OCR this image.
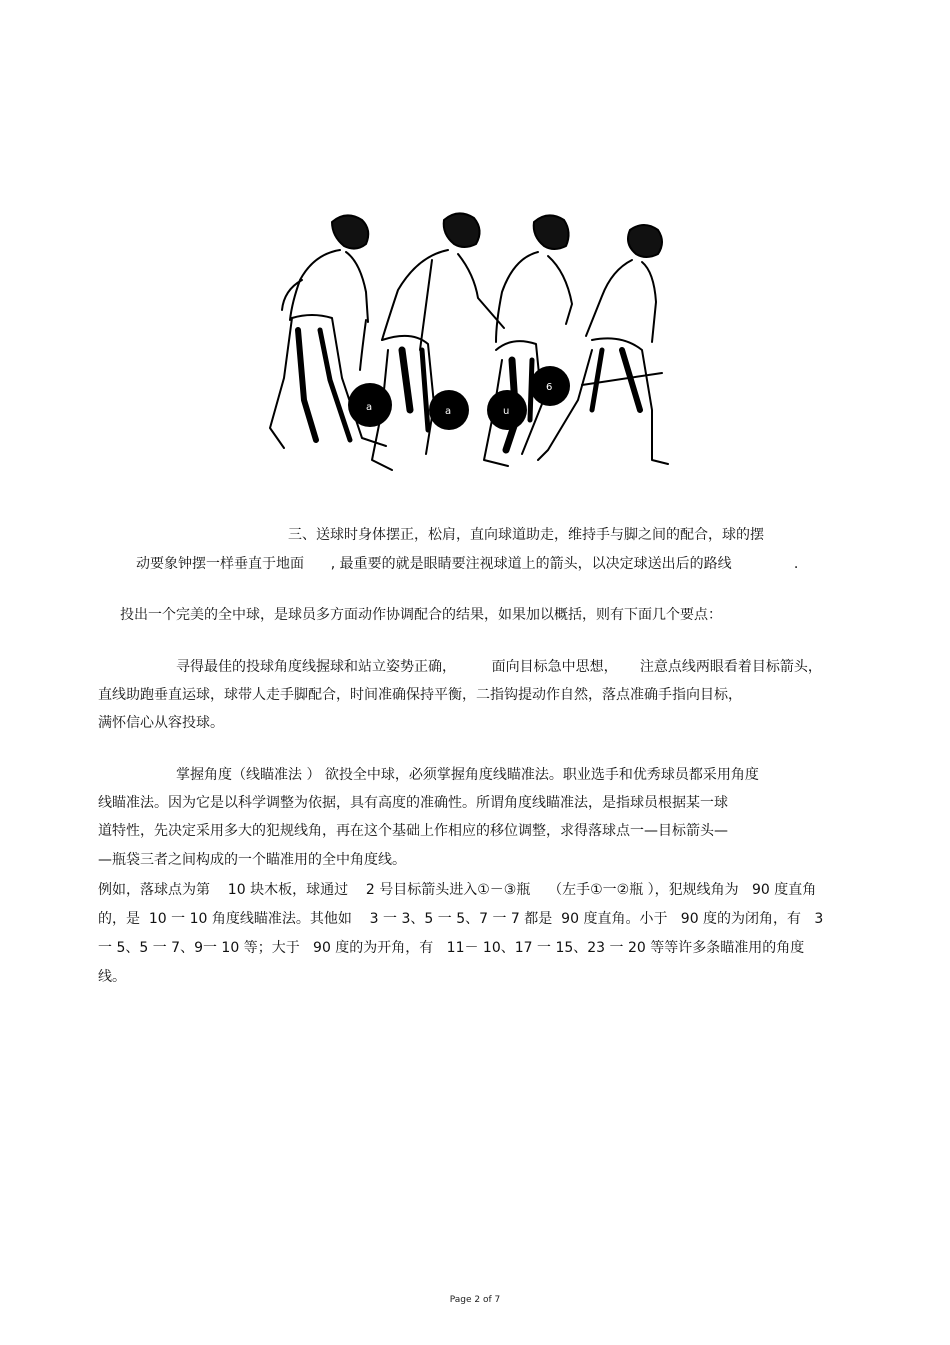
a	a	u
6
三、送球时身体摆正，松肩，直向球道助走，维持手与脚之间的配合，球的摆
动要象钟摆一样垂直于地面      , 最重要的就是眼睛要注视球道上的箭头，以决定球送出后的路线              .
投出一个完美的全中球，是球员多方面动作协调配合的结果，如果加以概括，则有下面几个要点：
寻得最佳的投球角度线握球和站立姿势正确，        面向目标急中思想，     注意点线两眼看着目标箭头，
直线助跑垂直运球，球带人走手脚配合，时间准确保持平衡，二指钩提动作自然，落点准确手指向目标，
满怀信心从容投球。
掌握角度（线瞄准法 ） 欲投全中球，必须掌握角度线瞄准法。职业选手和优秀球员都采用角度
线瞄准法。因为它是以科学调整为依据，具有高度的准确性。所谓角度线瞄准法，是指球员根据某一球
道特性，先决定采用多大的犯规线角，再在这个基础上作相应的移位调整，求得落球点一—目标箭头—
—瓶袋三者之间构成的一个瞄准用的全中角度线。
例如，落球点为第    10 块木板，球通过    2 号目标箭头进入①－③瓶    （左手①一②瓶 ），犯规线角为   90 度直角
的，是  10 一 10 角度线瞄准法。其他如    3 一 3、5 一 5、7 一 7 都是  90 度直角。小于   90 度的为闭角，有   3
一 5、5 一 7、9一 10 等；大于   90 度的为开角，有   11－ 10、17 一 15、23 一 20 等等许多条瞄准用的角度
线。
Page 2 of 7
